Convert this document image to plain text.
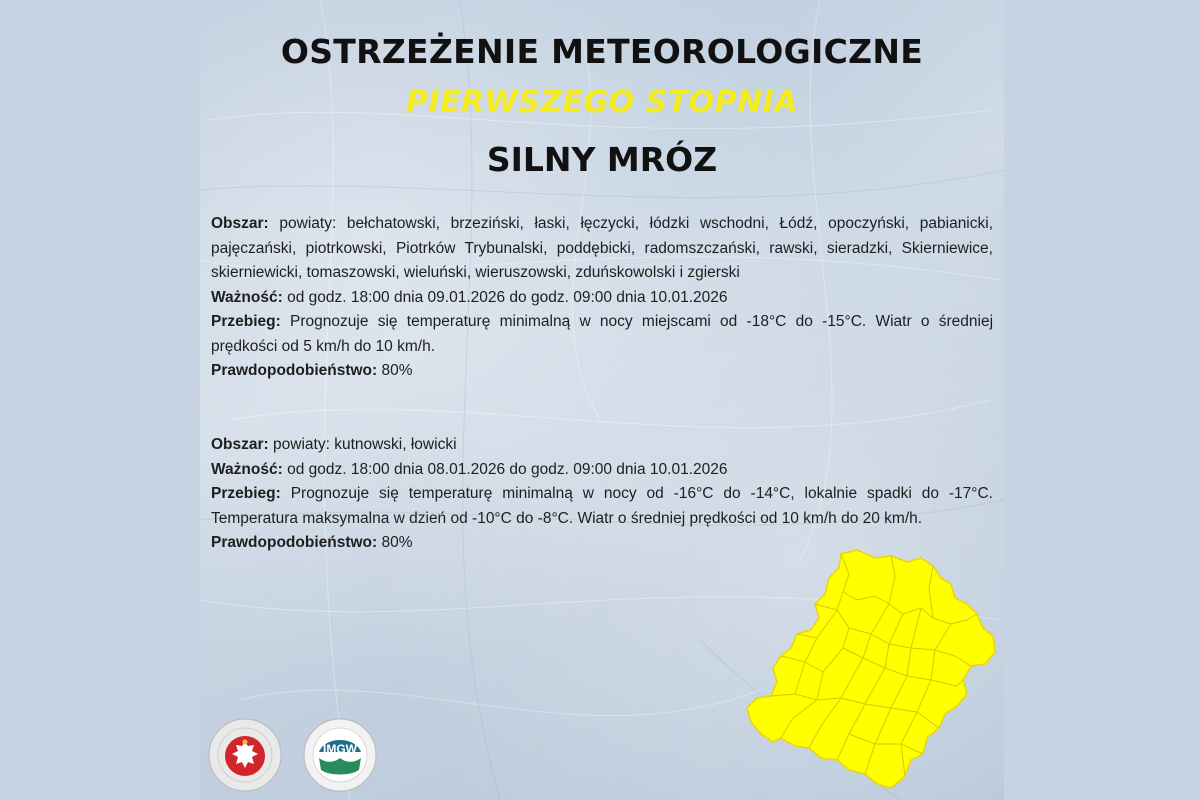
OSTRZEŻENIE METEOROLOGICZNE
PIERWSZEGO STOPNIA
SILNY MRÓZ

Obszar: powiaty: bełchatowski, brzeziński, łaski, łęczycki, łódzki wschodni, Łódź, opoczyński, pabianicki, pajęczański, piotrkowski, Piotrków Trybunalski, poddębicki, radomszczański, rawski, sieradzki, Skierniewice, skierniewicki, tomaszowski, wieluński, wieruszowski, zduńskowolski i zgierski

Ważność: od godz. 18:00 dnia 09.01.2026 do godz. 09:00 dnia 10.01.2026

Przebieg: Prognozuje się temperaturę minimalną w nocy miejscami od -18°C do -15°C. Wiatr o średniej prędkości od 5 km/h do 10 km/h.

Prawdopodobieństwo: 80%

Obszar: powiaty: kutnowski, łowicki

Ważność: od godz. 18:00 dnia 08.01.2026 do godz. 09:00 dnia 10.01.2026

Przebieg: Prognozuje się temperaturę minimalną w nocy od -16°C do -14°C, lokalnie spadki do -17°C. Temperatura maksymalna w dzień od -10°C do -8°C. Wiatr o średniej prędkości od 10 km/h do 20 km/h.

Prawdopodobieństwo: 80%

IMGW
